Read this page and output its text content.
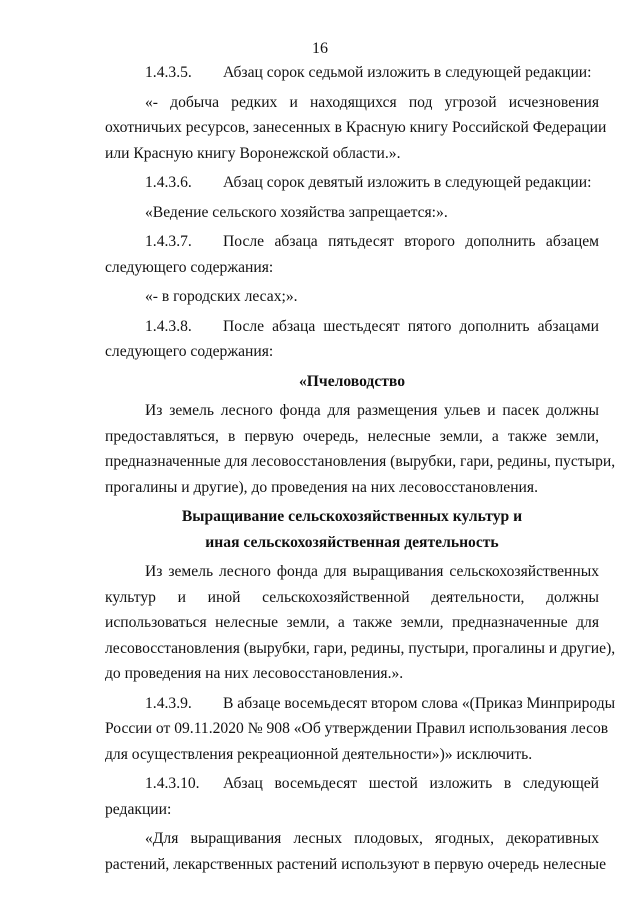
16
1.4.3.5. Абзац сорок седьмой изложить в следующей редакции:
«- добыча редких и находящихся под угрозой исчезновения
охотничьих ресурсов, занесенных в Красную книгу Российской Федерации
или Красную книгу Воронежской области.».
1.4.3.6. Абзац сорок девятый изложить в следующей редакции:
«Ведение сельского хозяйства запрещается:».
1.4.3.7.	После абзаца пятьдесят второго дополнить абзацем
следующего содержания:
«- в городских лесах;».
1.4.3.8.	После абзаца шестьдесят пятого дополнить абзацами
следующего содержания:
«Пчеловодство
Из земель лесного фонда для размещения ульев и пасек должны
предоставляться, в первую очередь, нелесные земли, а также земли,
предназначенные для лесовосстановления (вырубки, гари, редины, пустыри,
прогалины и другие), до проведения на них лесовосстановления.
Выращивание сельскохозяйственных культур и
иная сельскохозяйственная деятельность
Из земель лесного фонда для выращивания сельскохозяйственных
культур и иной сельскохозяйственной деятельности, должны
использоваться нелесные земли, а также земли, предназначенные для
лесовосстановления (вырубки, гари, редины, пустыри, прогалины и другие),
до проведения на них лесовосстановления.».
1.4.3.9. В абзаце восемьдесят втором слова «(Приказ Минприроды
России от 09.11.2020 № 908 «Об утверждении Правил использования лесов
для осуществления рекреационной деятельности»)» исключить.
1.4.3.10.	Абзац восемьдесят шестой изложить в следующей
редакции:
«Для выращивания лесных плодовых, ягодных, декоративных
растений, лекарственных растений используют в первую очередь нелесные
